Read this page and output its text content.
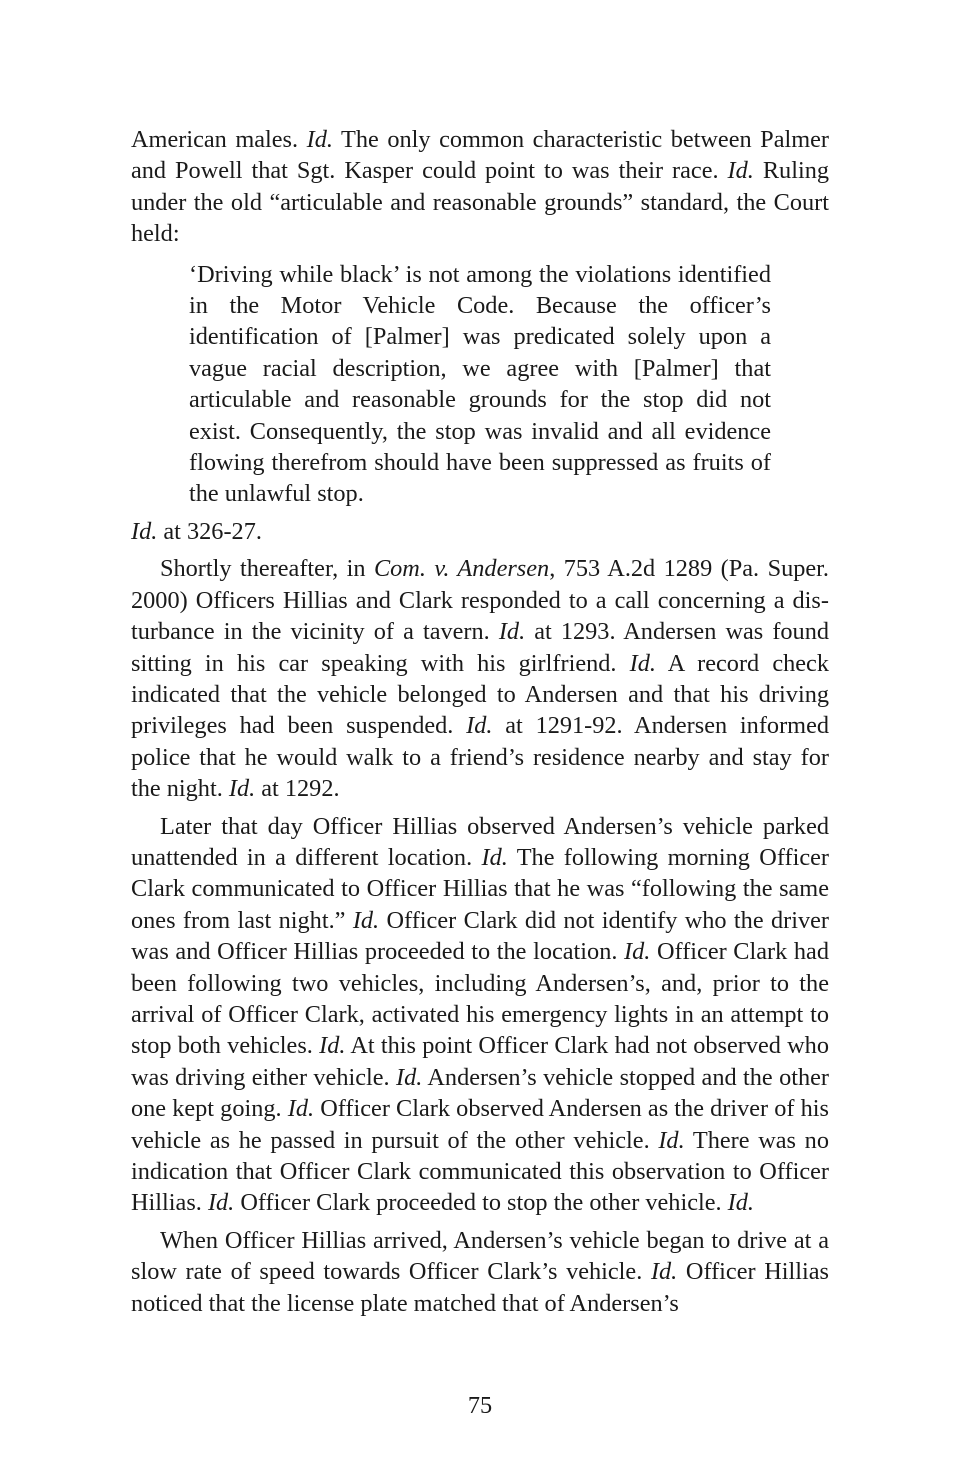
American males. Id. The only common characteristic between Palmer and Powell that Sgt. Kasper could point to was their race. Id. Ruling under the old “articulable and reasonable grounds” standard, the Court held:

‘Driving while black’ is not among the violations identified in the Motor Vehicle Code. Because the officer’s identification of [Palmer] was predicated solely upon a vague racial description, we agree with [Palmer] that articulable and reasonable grounds for the stop did not exist. Consequently, the stop was invalid and all evidence flowing therefrom should have been suppressed as fruits of the unlawful stop.

Id. at 326-27.

Shortly thereafter, in Com. v. Andersen, 753 A.2d 1289 (Pa. Super. 2000) Officers Hillias and Clark responded to a call concerning a disturbance in the vicinity of a tavern. Id. at 1293. Andersen was found sitting in his car speaking with his girlfriend. Id. A record check indicated that the vehicle belonged to Andersen and that his driving privileges had been suspended. Id. at 1291-92. Andersen informed police that he would walk to a friend’s residence nearby and stay for the night. Id. at 1292.

Later that day Officer Hillias observed Andersen’s vehicle parked unattended in a different location. Id. The following morning Officer Clark communicated to Officer Hillias that he was “following the same ones from last night.” Id. Officer Clark did not identify who the driver was and Officer Hillias proceeded to the location. Id. Officer Clark had been following two vehicles, including Andersen’s, and, prior to the arrival of Officer Clark, activated his emergency lights in an attempt to stop both vehicles. Id. At this point Officer Clark had not observed who was driving either vehicle. Id. Andersen’s vehicle stopped and the other one kept going. Id. Officer Clark observed Andersen as the driver of his vehicle as he passed in pursuit of the other vehicle. Id. There was no indication that Officer Clark communicated this observation to Officer Hillias. Id. Officer Clark proceeded to stop the other vehicle. Id.

When Officer Hillias arrived, Andersen’s vehicle began to drive at a slow rate of speed towards Officer Clark’s vehicle. Id. Officer Hillias noticed that the license plate matched that of Andersen’s

75
